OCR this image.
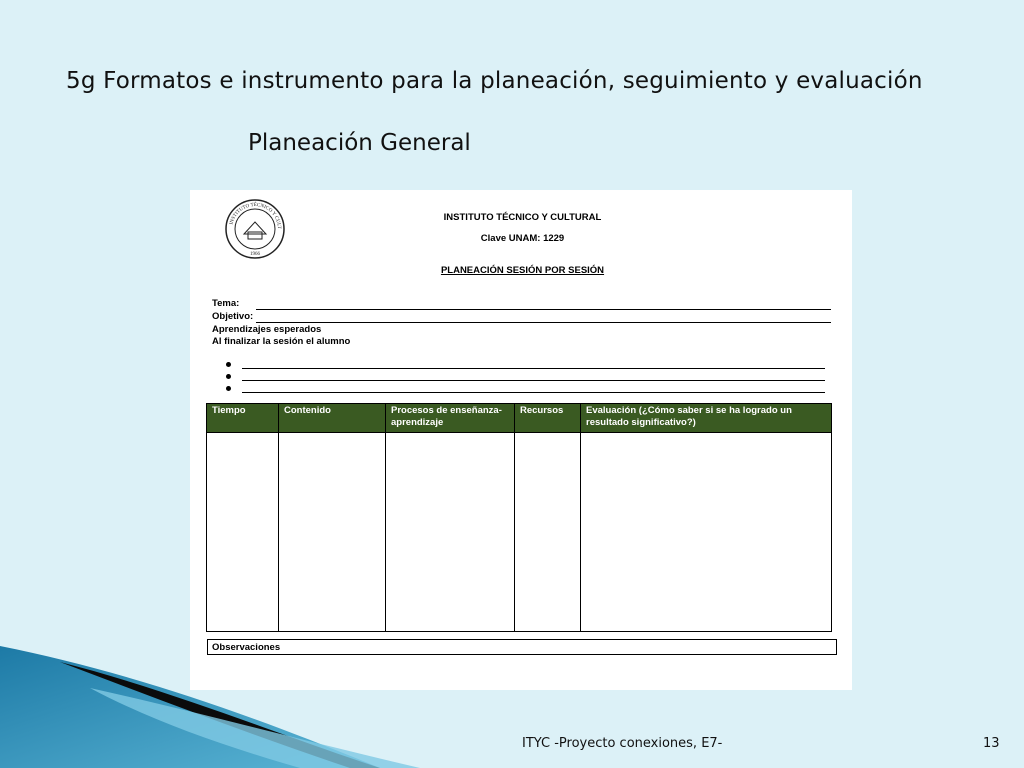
5g Formatos e instrumento para la planeación, seguimiento y evaluación
Planeación General
INSTITUTO TÉCNICO Y CULT
1966
INSTITUTO TÉCNICO Y CULTURAL
Clave UNAM: 1229
PLANEACIÓN SESIÓN POR SESIÓN
Tema:
Objetivo:
Aprendizajes esperados
Al finalizar la sesión el alumno
Tiempo	Contenido	Procesos de enseñanza-aprendizaje	Recursos	Evaluación (¿Cómo saber si se ha logrado un resultado significativo?)

Observaciones
ITYC -Proyecto conexiones, E7-	13
